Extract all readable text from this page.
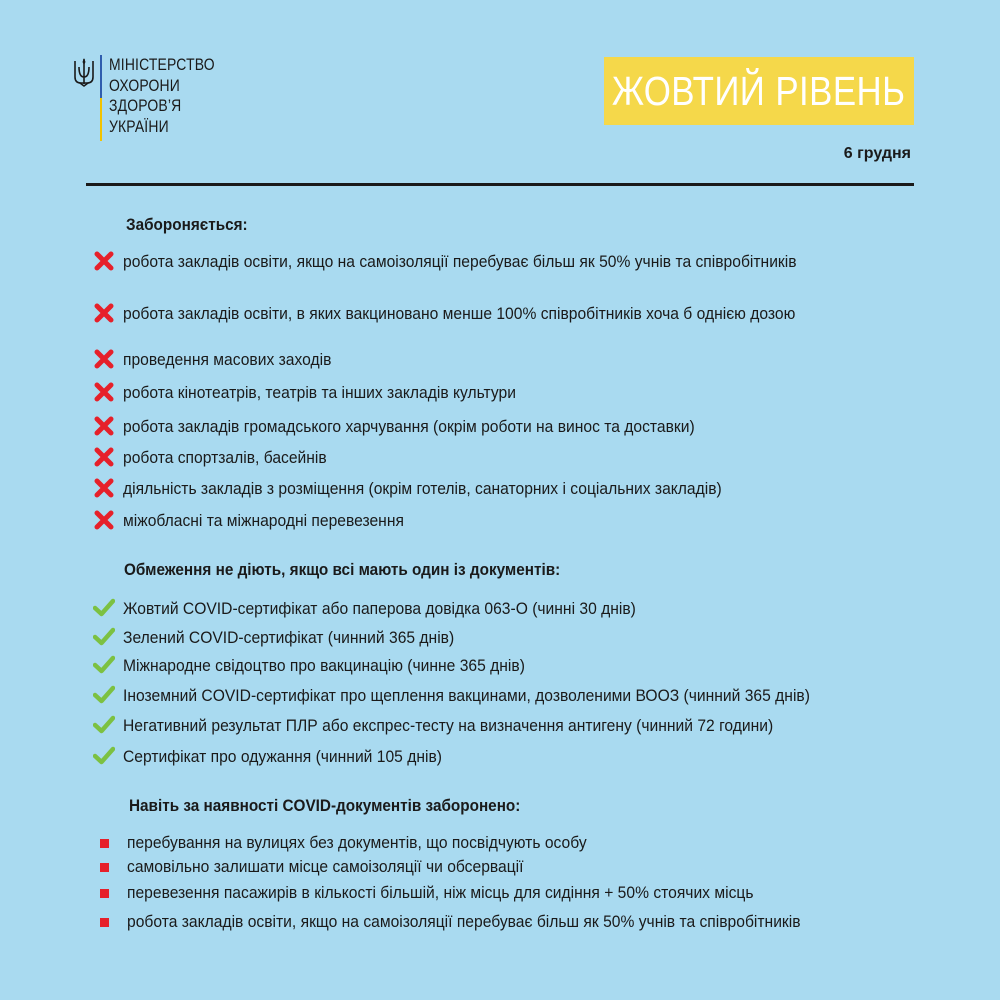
МІНІСТЕРСТВО
ОХОРОНИ
ЗДОРОВ’Я
УКРАЇНИ
ЖОВТИЙ РІВЕНЬ
6 грудня
Забороняється:
робота закладів освіти, якщо на самоізоляції перебуває більш як 50% учнів та співробітників
робота закладів освіти, в яких вакциновано менше 100% співробітників хоча б однією дозою
проведення масових заходів
робота кінотеатрів, театрів та інших закладів культури
робота закладів громадського харчування (окрім роботи на винос та доставки)
робота спортзалів, басейнів
діяльність закладів з розміщення (окрім готелів, санаторних і соціальних закладів)
міжобласні та міжнародні перевезення
Обмеження не діють, якщо всі мають один із документів:
Жовтий COVID-сертифікат або паперова довідка 063-О (чинні 30 днів)
Зелений COVID-сертифікат (чинний 365 днів)
Міжнародне свідоцтво про вакцинацію (чинне 365 днів)
Іноземний COVID-сертифікат про щеплення вакцинами, дозволеними ВООЗ (чинний 365 днів)
Негативний результат ПЛР або експрес-тесту на визначення антигену (чинний 72 години)
Сертифікат про одужання (чинний 105 днів)
Навіть за наявності COVID-документів заборонено:
перебування на вулицях без документів, що посвідчують особу
самовільно залишати місце самоізоляції чи обсервації
перевезення пасажирів в кількості більшій, ніж місць для сидіння + 50% стоячих місць
робота закладів освіти, якщо на самоізоляції перебуває більш як 50% учнів та співробітників
